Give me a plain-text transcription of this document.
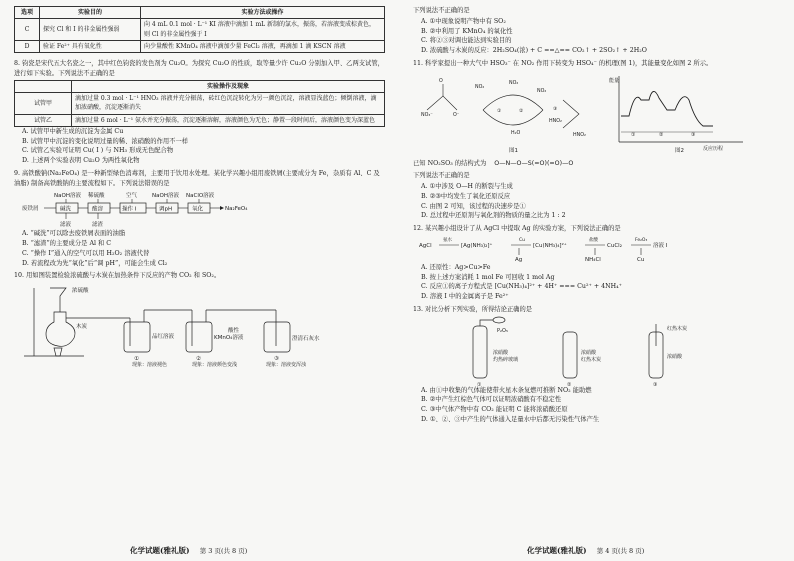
选项	实验目的	实验方法或操作
C	探究 Cl 和 I 的非金属性强弱	向 4 mL 0.1 mol · L⁻¹ KI 溶液中滴加 1 mL 新制的氯水，振荡，若溶液变成棕黄色，则 Cl 的非金属性强于 I
D	验证 Fe²⁺ 具有氧化性	向少量酸性 KMnO₄ 溶液中滴加少量 FeCl₂ 溶液，再滴加 1 滴 KSCN 溶液
8. 钧瓷是宋代五大名瓷之一，其中红色钧瓷的发色剂为 Cu₂O。为探究 Cu₂O 的性质，取等量少许 Cu₂O 分别加入甲、乙两支试管，进行如下实验。下列说法不正确的是
	实验操作及现象
试管甲	滴加过量 0.3 mol · L⁻¹ HNO₃ 溶液并充分振荡，砖红色沉淀转化为另一颜色沉淀，溶液显浅蓝色；倾倒溶液，滴加浓硝酸，沉淀逐渐消失
试管乙	滴加过量 6 mol · L⁻¹ 氨水并充分振荡，沉淀逐渐溶解，溶液颜色为无色；静置一段时间后，溶液颜色变为深蓝色
A. 试管甲中新生成的沉淀为金属 Cu
B. 试管甲中沉淀的变化说明过量的稀、浓硝酸的作用不一样
C. 试管乙实验可证明 Cu( Ⅰ ) 与 NH₃ 形成无色配合物
D. 上述两个实验表明 Cu₂O 为两性氧化物
9. 高铁酸钠(Na₂FeO₄) 是一种新型绿色消毒剂，主要用于饮用水处理。某化学兴趣小组用废铁屑(主要成分为 Fe，杂质有 Al、C 及油脂) 制备高铁酸钠的主要流程如下。下列说法错误的是
废铁屑
NaOH溶液
碱洗
滤液
稀硫酸
酸溶
滤渣
空气
操作 I
NaOH溶液
调pH
NaClO溶液
氧化	Na₂FeO₄
A. “碱洗”可以除去废铁屑表面的油脂
B. “滤渣”的主要成分是 Al 和 C
C. “操作 I”通入的空气可以用 H₂O₂ 溶液代替
D. 若流程改为先“氧化”后“调 pH”，可能会生成 Cl₂
10. 用如图装置检验浓硫酸与木炭在加热条件下反应的产物 CO₂ 和 SO₂。
浓硫酸
木炭
品红溶液
酸性
KMnO₄溶液	澄清石灰水
①	②	③
现象：溶液褪色	现象：溶液颜色变浅	现象：溶液变浑浊
化学试题(雅礼版) 第 3 页(共 8 页)
下列说法不正确的是
A. ①中现象说明产物中有 SO₂
B. ②中利用了 KMnO₄ 的氧化性
C. 将②③对调也能达到实验目的
D. 浓硫酸与木炭的反应：2H₂SO₄(浓) + C ==△== CO₂↑ + 2SO₂↑ + 2H₂O
11. 科学家提出一种大气中 HSO₃⁻ 在 NO₂ 作用下转变为 HSO₄⁻ 的机理(图 1)，其能量变化如图 2 所示。
O
NO₃⁻	O⁻
NO₂
NO₂
NO₂
H₂O
HNO₂
HNO₂
①	②	③
图1
能量
反应历程
①	②	③
图2
已知 NO₂SO₃ 的结构式为 O—N—O—S(=O)(=O)—O
下列说法不正确的是
A. ①中涉及 O—H 的断裂与生成
B. ②③中均发生了氧化还原反应
C. 由图 2 可知，该过程的决速步是①
D. 总过程中还原剂与氧化剂的物质的量之比为 1 : 2
12. 某兴趣小组设计了从 AgCl 中提取 Ag 的实验方案，下列说法正确的是
AgCl
氨水
[Ag(NH₃)₂]⁺
Cu
[Cu(NH₃)₄]²⁺
盐酸
CuCl₂
Fe₂O₃
溶液 I
Ag	NH₄Cl	Cu
A. 还原性：Ag>Cu>Fe
B. 按上述方案消耗 1 mol Fe 可回收 1 mol Ag
C. 反应①的离子方程式是 [Cu(NH₃)₄]²⁺ + 4H⁺ === Cu²⁺ + 4NH₄⁺
D. 溶液 I 中的金属离子是 Fe²⁺
13. 对比分析下列实验，所得结论正确的是
P₂O₅
浓硝酸
灼热碎玻璃
浓硝酸
红热木炭
红热木炭
浓硝酸
①	②	③
A. 由①中收集的气体能使带火星木条复燃可推断 NO₂ 能助燃
B. ②中产生红棕色气体可以证明浓硝酸有不稳定性
C. ③中气体产物中有 CO₂ 能证明 C 能将浓硝酸还原
D. ①、②、③中产生的气体通入足量水中后都无污染性气体产生
化学试题(雅礼版) 第 4 页(共 8 页)
